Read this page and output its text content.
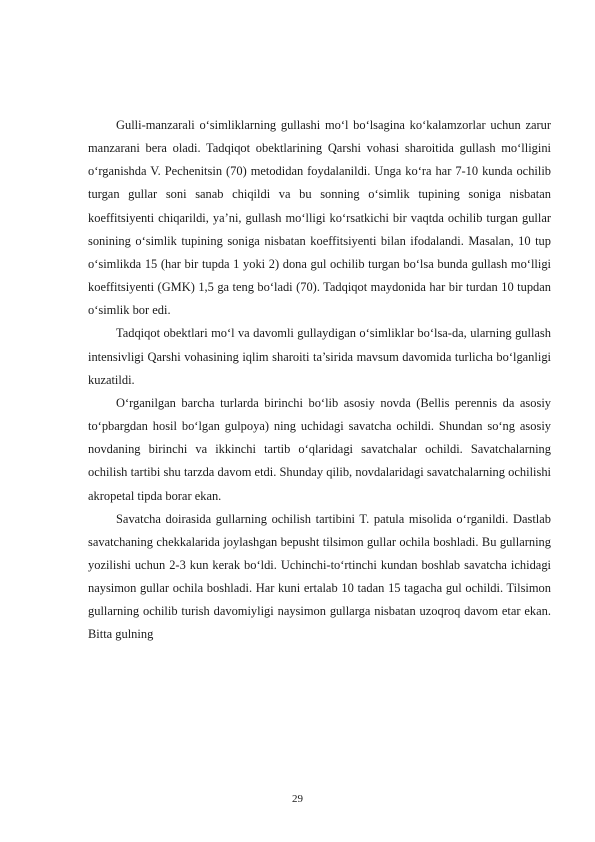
Gulli-manzarali o‘simliklarning gullashi mo‘l bo‘lsagina ko‘kalamzorlar uchun zarur manzarani bera oladi. Tadqiqot obektlarining Qarshi vohasi sharoitida gullash mo‘lligini o‘rganishda V. Pechenitsin (70) metodidan foydalanildi. Unga ko‘ra har 7-10 kunda ochilib turgan gullar soni sanab chiqildi va bu sonning o‘simlik tupining soniga nisbatan koeffitsiyenti chiqarildi, ya’ni, gullash mo‘lligi ko‘rsatkichi bir vaqtda ochilib turgan gullar sonining o‘simlik tupining soniga nisbatan koeffitsiyenti bilan ifodalandi. Masalan, 10 tup o‘simlikda 15 (har bir tupda 1 yoki 2) dona gul ochilib turgan bo‘lsa bunda gullash mo‘lligi koeffitsiyenti (GMK) 1,5 ga teng bo‘ladi (70). Tadqiqot maydonida har bir turdan 10 tupdan o‘simlik bor edi.

Tadqiqot obektlari mo‘l va davomli gullaydigan o‘simliklar bo‘lsa-da, ularning gullash intensivligi Qarshi vohasining iqlim sharoiti ta’sirida mavsum davomida turlicha bo‘lganligi kuzatildi.

O‘rganilgan barcha turlarda birinchi bo‘lib asosiy novda (Bellis perennis da asosiy to‘pbargdan hosil bo‘lgan gulpoya) ning uchidagi savatcha ochildi. Shundan so‘ng asosiy novdaning birinchi va ikkinchi tartib o‘qlaridagi savatchalar ochildi. Savatchalarning ochilish tartibi shu tarzda davom etdi. Shunday qilib, novdalaridagi savatchalarning ochilishi akropetal tipda borar ekan.

Savatcha doirasida gullarning ochilish tartibini T. patula misolida o‘rganildi. Dastlab savatchaning chekkalarida joylashgan bepusht tilsimon gullar ochila boshladi. Bu gullarning yozilishi uchun 2-3 kun kerak bo‘ldi. Uchinchi-to‘rtinchi kundan boshlab savatcha ichidagi naysimon gullar ochila boshladi. Har kuni ertalab 10 tadan 15 tagacha gul ochildi. Tilsimon gullarning ochilib turish davomiyligi naysimon gullarga nisbatan uzoqroq davom etar ekan. Bitta gulning

29
